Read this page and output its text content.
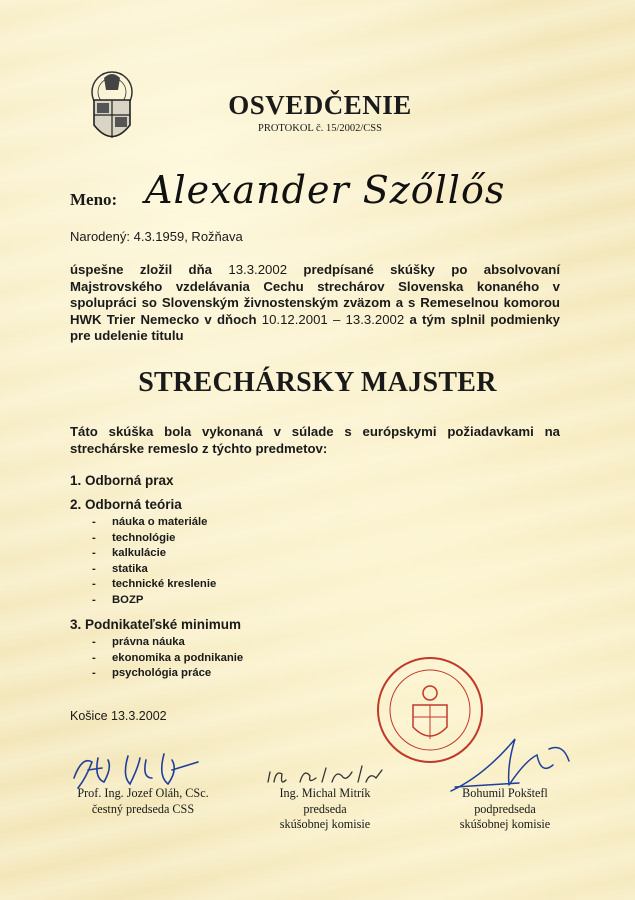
OSVEDČENIE
PROTOKOL č. 15/2002/CSS
Meno: Alexander Szőllős
Narodený: 4.3.1959, Rožňava
úspešne zložil dňa 13.3.2002 predpísané skúšky po absolvovaní Majstrovského vzdelávania Cechu strechárov Slovenska konaného v spolupráci so Slovenským živnostenským zväzom a s Remeselnou komorou HWK Trier Nemecko v dňoch 10.12.2001 – 13.3.2002 a tým splnil podmienky pre udelenie titulu
STRECHÁRSKY MAJSTER
Táto skúška bola vykonaná v súlade s európskymi požiadavkami na strechárske remeslo z týchto predmetov:
1. Odborná prax
2. Odborná teória
- náuka o materiále
- technológie
- kalkulácie
- statika
- technické kreslenie
- BOZP
3. Podnikateľské minimum
- právna náuka
- ekonomika a podnikanie
- psychológia práce
Košice 13.3.2002
Prof. Ing. Jozef Oláh, CSc.
čestný predseda CSS
Ing. Michal Mitrík
predseda
skúšobnej komisie
Bohumil Pokštefl
podpredseda
skúšobnej komisie
